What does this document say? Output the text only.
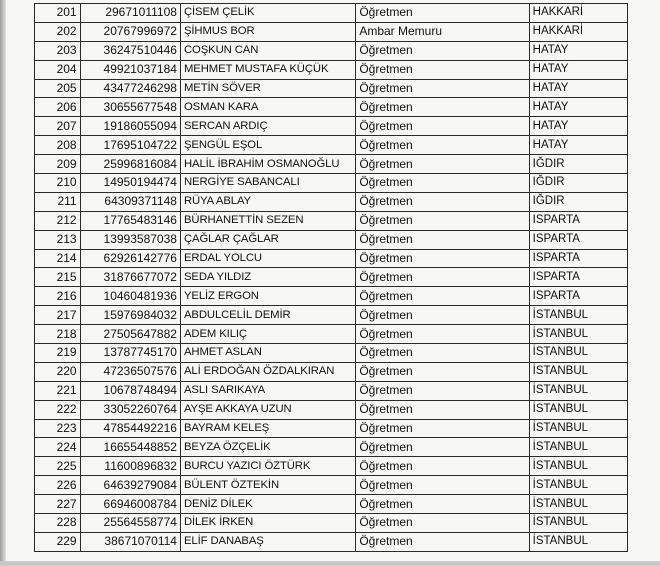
201	29671011108	ÇİSEM ÇELİK	Öğretmen	HAKKARİ
202	20767996972	ŞİHMUS BOR	Ambar Memuru	HAKKARİ
203	36247510446	COŞKUN CAN	Öğretmen	HATAY
204	49921037184	MEHMET MUSTAFA KÜÇÜK	Öğretmen	HATAY
205	43477246298	METİN SÖVER	Öğretmen	HATAY
206	30655677548	OSMAN KARA	Öğretmen	HATAY
207	19186055094	SERCAN ARDIÇ	Öğretmen	HATAY
208	17695104722	ŞENGÜL EŞOL	Öğretmen	HATAY
209	25996816084	HALİL İBRAHİM OSMANOĞLU	Öğretmen	IĞDIR
210	14950194474	NERGİYE SABANCALI	Öğretmen	IĞDIR
211	64309371148	RÜYA ABLAY	Öğretmen	IĞDIR
212	17765483146	BÜRHANETTİN SEZEN	Öğretmen	ISPARTA
213	13993587038	ÇAĞLAR ÇAĞLAR	Öğretmen	ISPARTA
214	62926142776	ERDAL YOLCU	Öğretmen	ISPARTA
215	31876677072	SEDA YILDIZ	Öğretmen	ISPARTA
216	10460481936	YELİZ ERGON	Öğretmen	ISPARTA
217	15976984032	ABDULCELİL DEMİR	Öğretmen	İSTANBUL
218	27505647882	ADEM KILIÇ	Öğretmen	İSTANBUL
219	13787745170	AHMET ASLAN	Öğretmen	İSTANBUL
220	47236507576	ALİ ERDOĞAN ÖZDALKIRAN	Öğretmen	İSTANBUL
221	10678748494	ASLI SARIKAYA	Öğretmen	İSTANBUL
222	33052260764	AYŞE AKKAYA UZUN	Öğretmen	İSTANBUL
223	47854492216	BAYRAM KELEŞ	Öğretmen	İSTANBUL
224	16655448852	BEYZA ÖZÇELİK	Öğretmen	İSTANBUL
225	11600896832	BURCU YAZICI ÖZTÜRK	Öğretmen	İSTANBUL
226	64639279084	BÜLENT ÖZTEKİN	Öğretmen	İSTANBUL
227	66946008784	DENİZ DİLEK	Öğretmen	İSTANBUL
228	25564558774	DİLEK İRKEN	Öğretmen	İSTANBUL
229	38671070114	ELİF DANABAŞ	Öğretmen	İSTANBUL
